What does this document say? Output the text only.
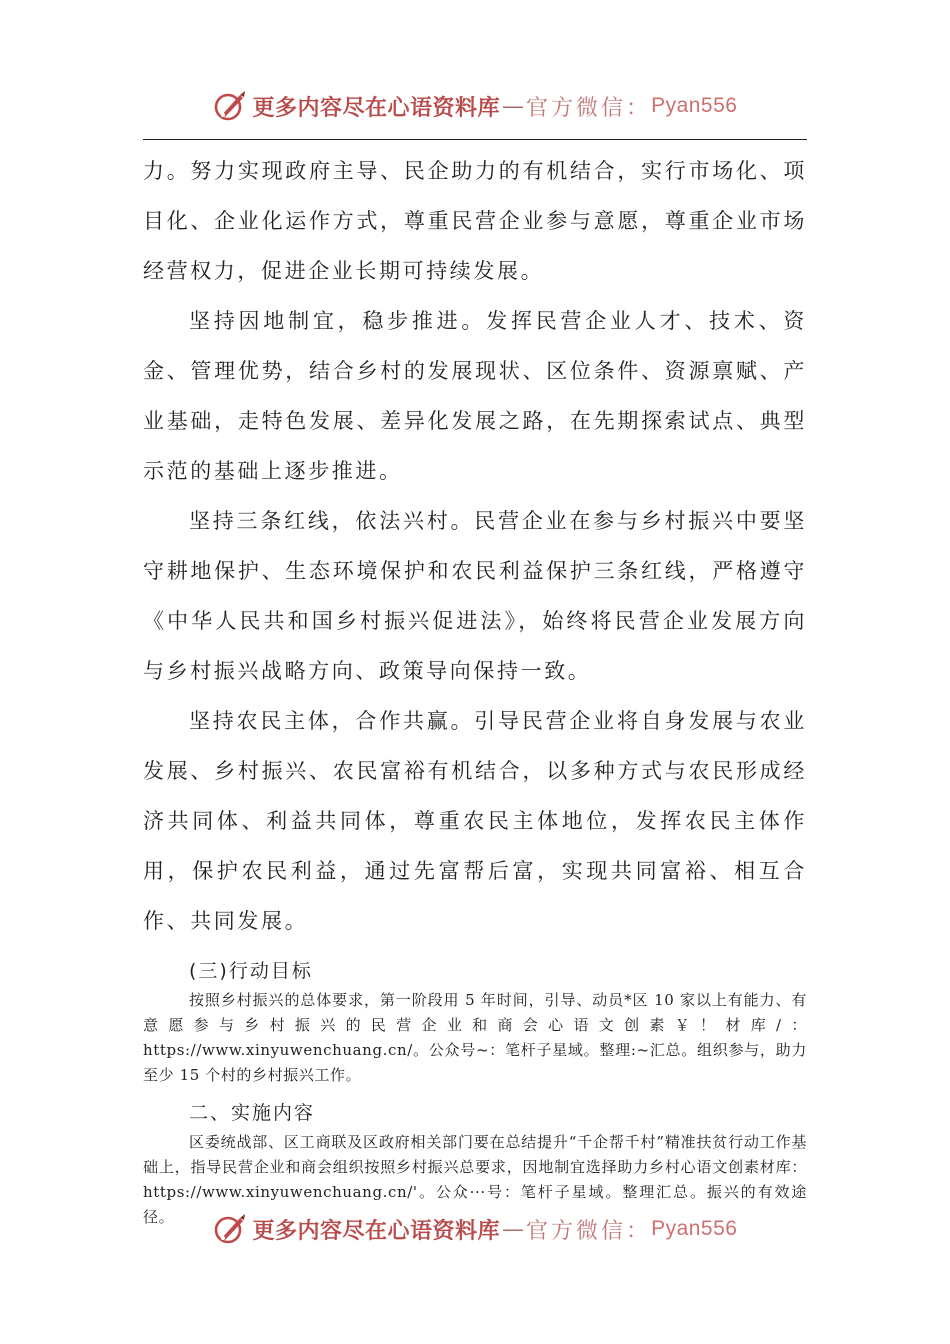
更多内容尽在心语资料库 — 官方微信： Pyan556

力。努力实现政府主导、民企助力的有机结合，实行市场化、项目化、企业化运作方式，尊重民营企业参与意愿，尊重企业市场经营权力，促进企业长期可持续发展。

坚持因地制宜，稳步推进。发挥民营企业人才、技术、资金、管理优势，结合乡村的发展现状、区位条件、资源禀赋、产业基础，走特色发展、差异化发展之路，在先期探索试点、典型示范的基础上逐步推进。

坚持三条红线，依法兴村。民营企业在参与乡村振兴中要坚守耕地保护、生态环境保护和农民利益保护三条红线，严格遵守《中华人民共和国乡村振兴促进法》，始终将民营企业发展方向与乡村振兴战略方向、政策导向保持一致。

坚持农民主体，合作共赢。引导民营企业将自身发展与农业发展、乡村振兴、农民富裕有机结合，以多种方式与农民形成经济共同体、利益共同体，尊重农民主体地位，发挥农民主体作用，保护农民利益，通过先富帮后富，实现共同富裕、相互合作、共同发展。

(三)行动目标

按照乡村振兴的总体要求，第一阶段用 5 年时间，引导、动员*区 10 家以上有能力、有意愿参与乡村振兴的民营企业和商会心语文创素￥！材库/：https://www.xinyuwenchuang.cn/。公众号~：笔杆子星域。整理:~汇总。组织参与，助力至少 15 个村的乡村振兴工作。

二、实施内容

区委统战部、区工商联及区政府相关部门要在总结提升“千企帮千村”精准扶贫行动工作基础上，指导民营企业和商会组织按照乡村振兴总要求，因地制宜选择助力乡村心语文创素材库：https://www.xinyuwenchuang.cn/'。公众···号：笔杆子星域。整理汇总。振兴的有效途径。

更多内容尽在心语资料库 — 官方微信： Pyan556
